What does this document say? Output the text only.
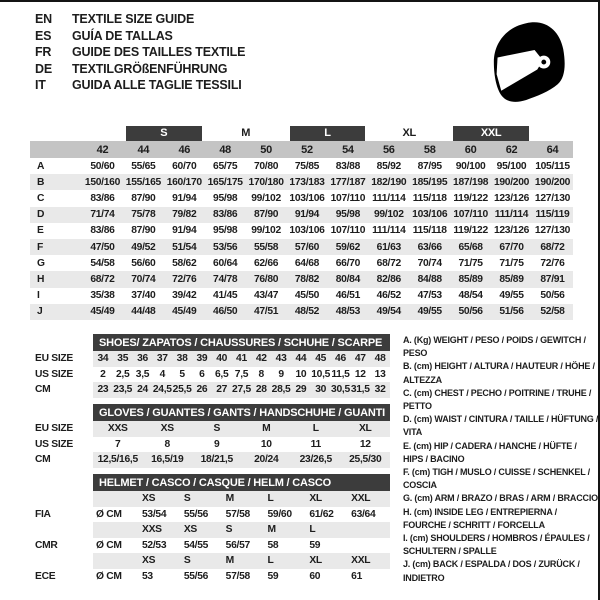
EN	TEXTILE SIZE GUIDE
ES	GUÍA DE TALLAS
FR	GUIDE DES TAILLES TEXTILE
DE	TEXTILGRÖßENFÜHRUNG
IT	GUIDA ALLE TAGLIE TESSILI

		S		M		L		XL		XXL		

	42	44	46	48	50	52	54	56	58	60	62	64
A	50/60	55/65	60/70	65/75	70/80	75/85	83/88	85/92	87/95	90/100	95/100	105/115
B	150/160	155/165	160/170	165/175	170/180	173/183	177/187	182/190	185/195	187/198	190/200	190/200
C	83/86	87/90	91/94	95/98	99/102	103/106	107/110	111/114	115/118	119/122	123/126	127/130
D	71/74	75/78	79/82	83/86	87/90	91/94	95/98	99/102	103/106	107/110	111/114	115/119
E	83/86	87/90	91/94	95/98	99/102	103/106	107/110	111/114	115/118	119/122	123/126	127/130
F	47/50	49/52	51/54	53/56	55/58	57/60	59/62	61/63	63/66	65/68	67/70	68/72
G	54/58	56/60	58/62	60/64	62/66	64/68	66/70	68/72	70/74	71/75	71/75	72/76
H	68/72	70/74	72/76	74/78	76/80	78/82	80/84	82/86	84/88	85/89	85/89	87/91
I	35/38	37/40	39/42	41/45	43/47	45/50	46/51	46/52	47/53	48/54	49/55	50/56
J	45/49	44/48	45/49	46/50	47/51	48/52	48/53	49/54	49/55	50/56	51/56	52/58
	SHOES/ ZAPATOS / CHAUSSURES / SCHUHE / SCARPE														
EU SIZE	34	35	36	37	38	39	40	41	42	43	44	45	46	47	48
US SIZE	2	2,5	3,5	4	5	6	6,5	7,5	8	9	10	10,5	11,5	12	13
CM	23	23,5	24	24,5	25,5	26	27	27,5	28	28,5	29	30	30,5	31,5	32
	GLOVES / GUANTES / GANTS / HANDSCHUHE / GUANTI					
EU SIZE	XXS	XS	S	M	L	XL
US SIZE	7	8	9	10	11	12
CM	12,5/16,5	16,5/19	18/21,5	20/24	23/26,5	25,5/30
	HELMET / CASCO / CASQUE / HELM / CASCO						
		XS	S	M	L	XL	XXL
FIA	Ø CM	53/54	55/56	57/58	59/60	61/62	63/64
		XXS	XS	S	M	L	
CMR	Ø CM	52/53	54/55	56/57	58	59	
		XS	S	M	L	XL	XXL
ECE	Ø CM	53	55/56	57/58	59	60	61
A. (Kg) WEIGHT / PESO / POIDS / GEWITCH / PESO
B. (cm) HEIGHT / ALTURA / HAUTEUR / HÖHE / ALTEZZA
C. (cm) CHEST / PECHO / POITRINE / TRUHE / PETTO
D. (cm) WAIST / CINTURA / TAILLE / HÜFTUNG / VITA
E. (cm) HIP / CADERA / HANCHE / HÜFTE / HIPS / BACINO
F. (cm) TIGH / MUSLO / CUISSE / SCHENKEL / COSCIA
G. (cm) ARM / BRAZO / BRAS / ARM / BRACCIO
H. (cm) INSIDE LEG / ENTREPIERNA / FOURCHE / SCHRITT / FORCELLA
I. (cm) SHOULDERS / HOMBROS / ÉPAULES / SCHULTERN / SPALLE
J. (cm) BACK / ESPALDA / DOS / ZURÜCK / INDIETRO
